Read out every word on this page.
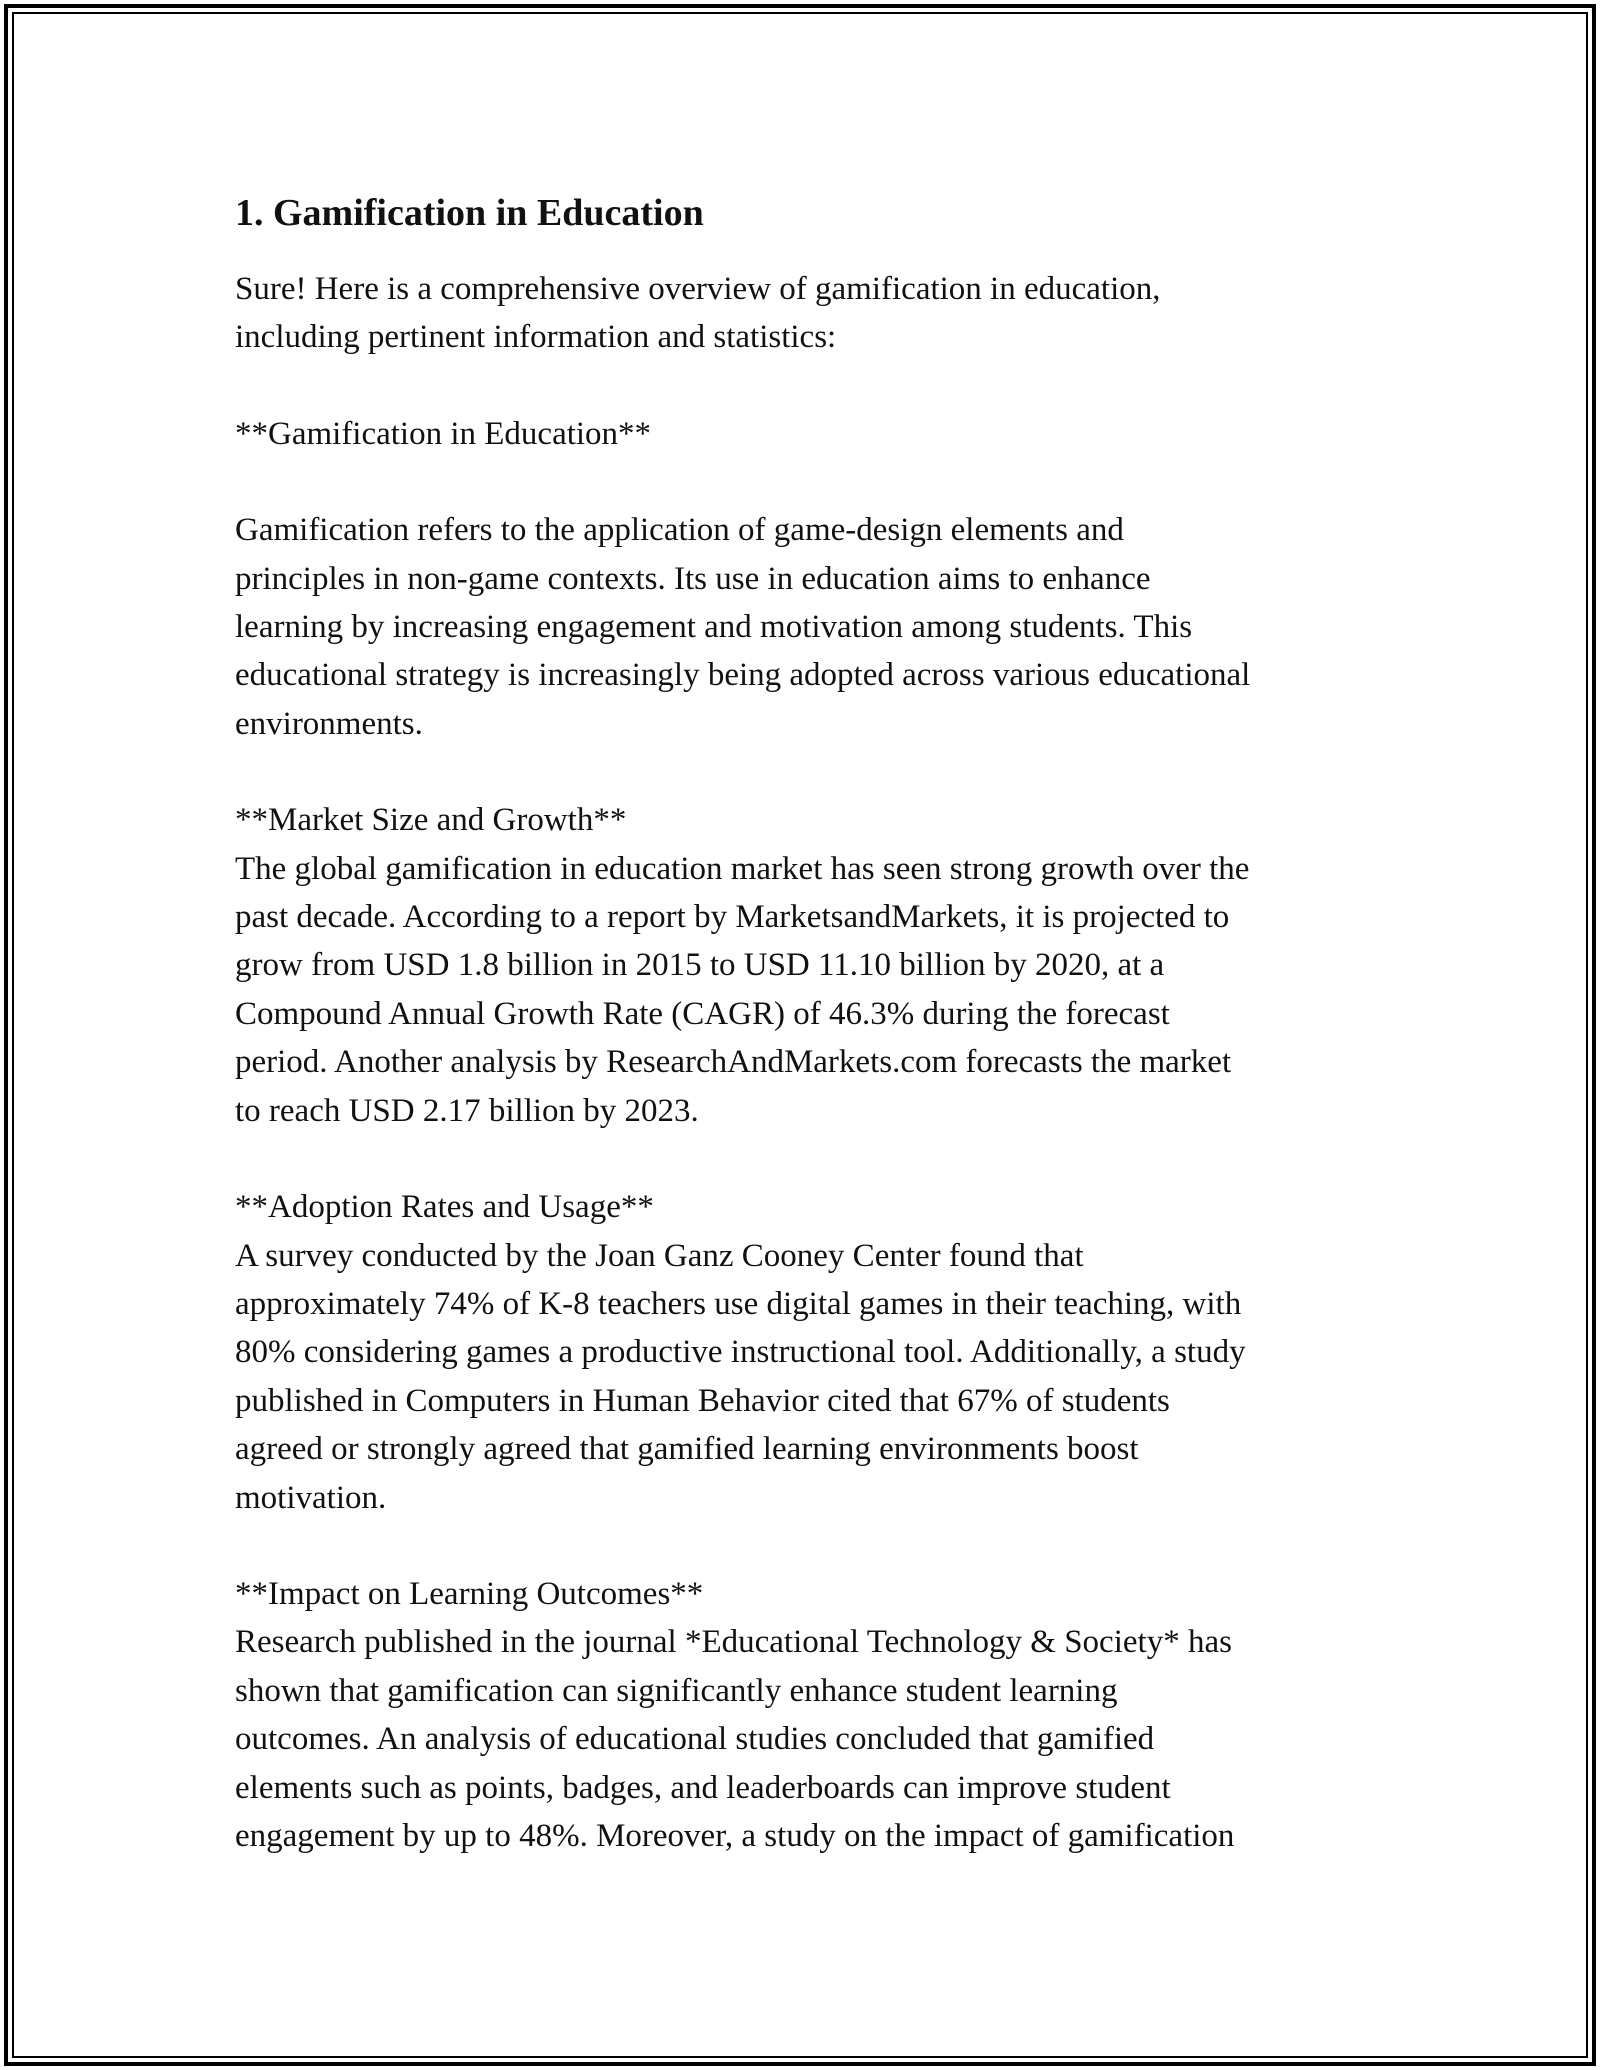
1. Gamification in Education

Sure! Here is a comprehensive overview of gamification in education,
including pertinent information and statistics:

**Gamification in Education**

Gamification refers to the application of game-design elements and
principles in non-game contexts. Its use in education aims to enhance
learning by increasing engagement and motivation among students. This
educational strategy is increasingly being adopted across various educational
environments.

**Market Size and Growth**
The global gamification in education market has seen strong growth over the
past decade. According to a report by MarketsandMarkets, it is projected to
grow from USD 1.8 billion in 2015 to USD 11.10 billion by 2020, at a
Compound Annual Growth Rate (CAGR) of 46.3% during the forecast
period. Another analysis by ResearchAndMarkets.com forecasts the market
to reach USD 2.17 billion by 2023.

**Adoption Rates and Usage**
A survey conducted by the Joan Ganz Cooney Center found that
approximately 74% of K-8 teachers use digital games in their teaching, with
80% considering games a productive instructional tool. Additionally, a study
published in Computers in Human Behavior cited that 67% of students
agreed or strongly agreed that gamified learning environments boost
motivation.

**Impact on Learning Outcomes**
Research published in the journal *Educational Technology & Society* has
shown that gamification can significantly enhance student learning
outcomes. An analysis of educational studies concluded that gamified
elements such as points, badges, and leaderboards can improve student
engagement by up to 48%. Moreover, a study on the impact of gamification
